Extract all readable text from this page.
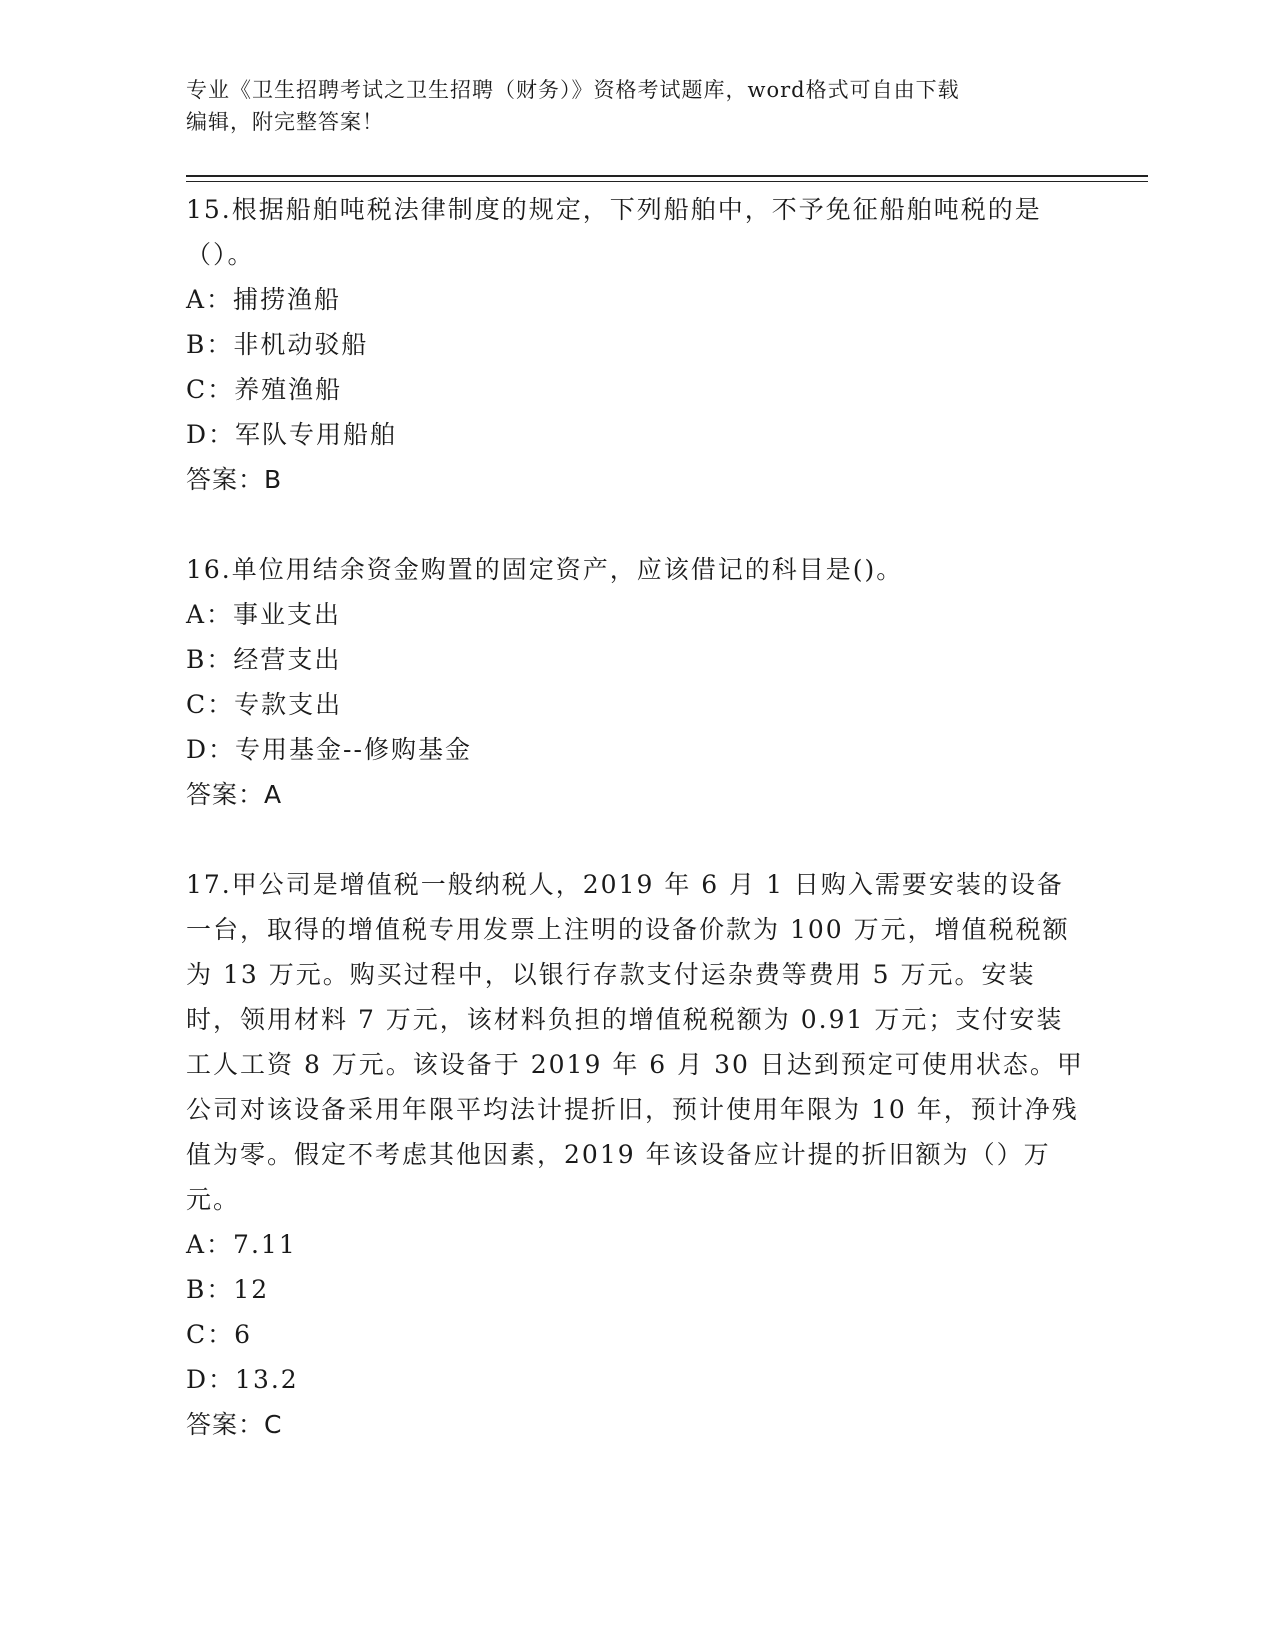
专业《卫生招聘考试之卫生招聘（财务）》资格考试题库，word格式可自由下载
编辑，附完整答案！

15.根据船舶吨税法律制度的规定，下列船舶中，不予免征船舶吨税的是（）。

A：捕捞渔船

B：非机动驳船

C：养殖渔船

D：军队专用船舶

答案：B

16.单位用结余资金购置的固定资产，应该借记的科目是()。

A：事业支出

B：经营支出

C：专款支出

D：专用基金--修购基金

答案：A

17.甲公司是增值税一般纳税人，2019 年 6 月 1 日购入需要安装的设备一台，取得的增值税专用发票上注明的设备价款为 100 万元，增值税税额为 13 万元。购买过程中，以银行存款支付运杂费等费用 5 万元。安装时，领用材料 7 万元，该材料负担的增值税税额为 0.91 万元；支付安装工人工资 8 万元。该设备于 2019 年 6 月 30 日达到预定可使用状态。甲公司对该设备采用年限平均法计提折旧，预计使用年限为 10 年，预计净残值为零。假定不考虑其他因素，2019 年该设备应计提的折旧额为（）万元。

A：7.11

B：12

C：6

D：13.2

答案：C
